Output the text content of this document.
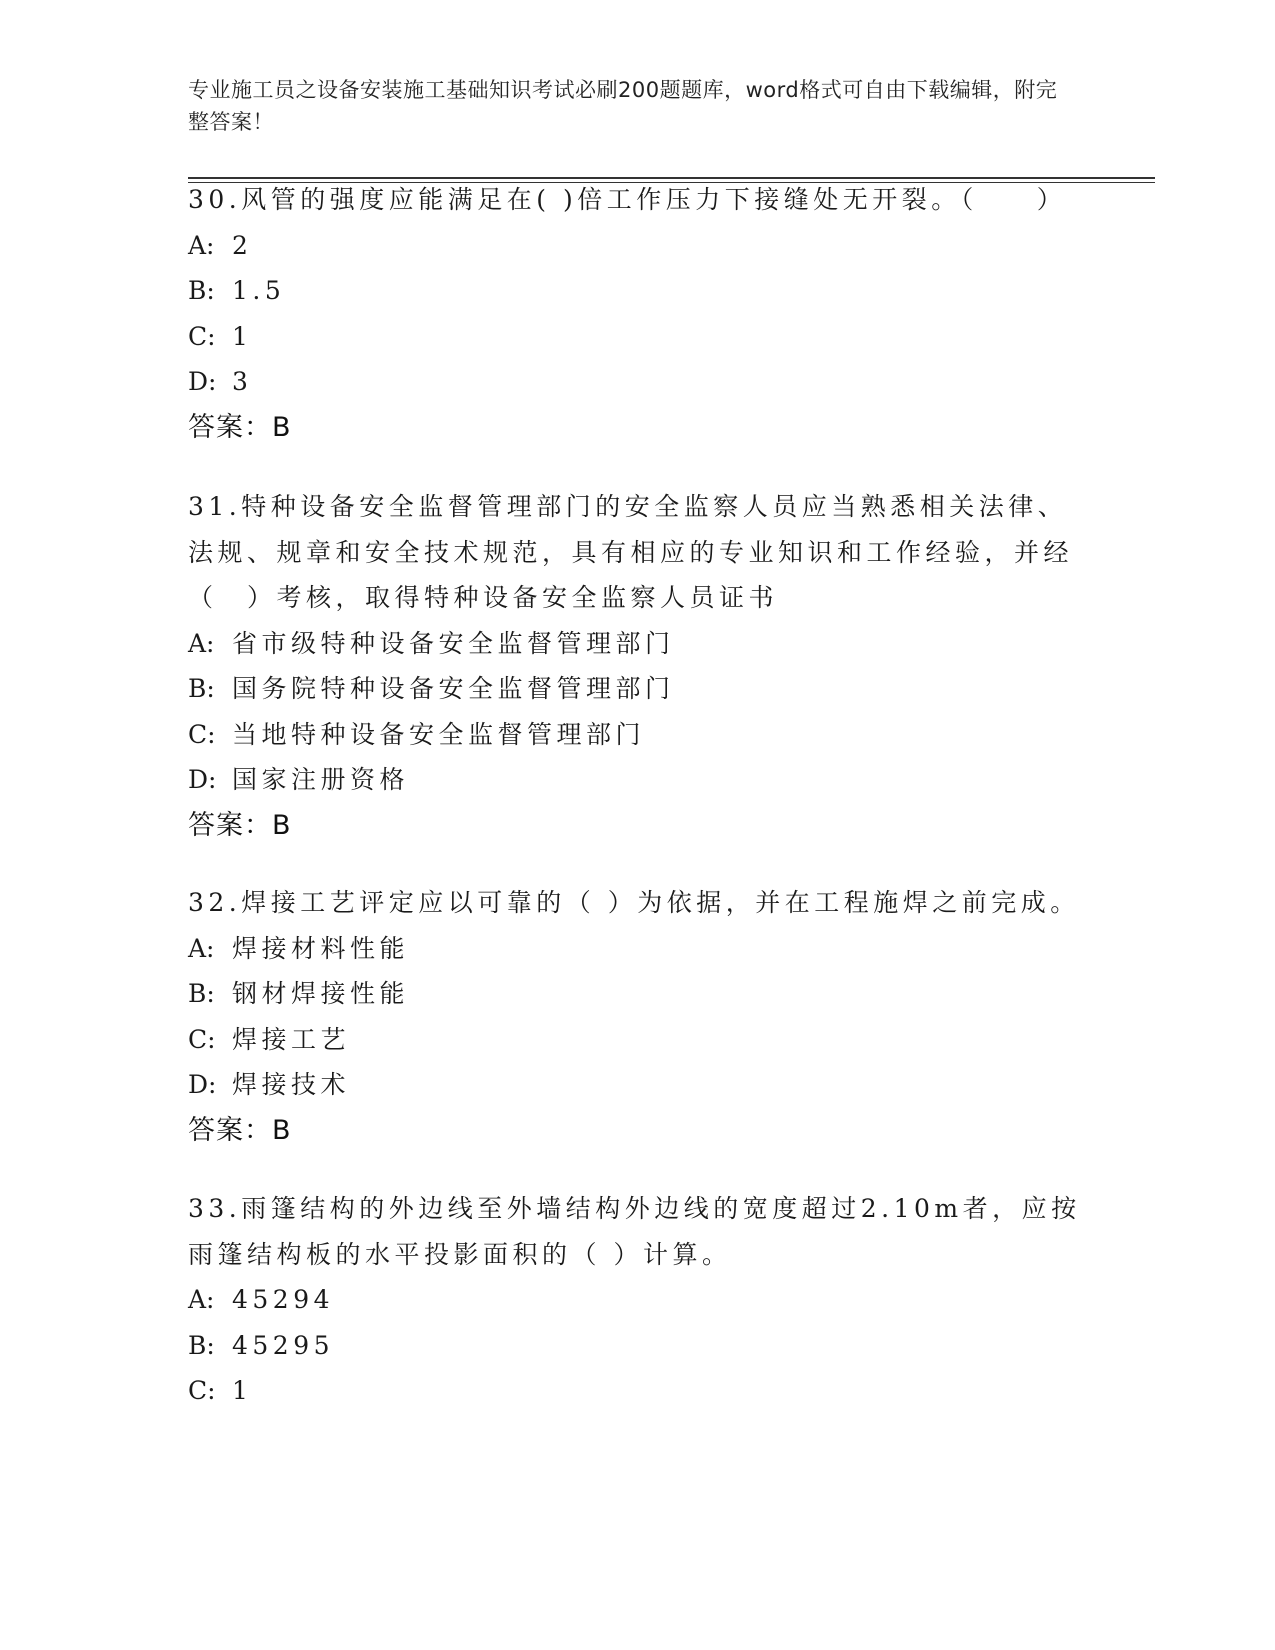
专业施工员之设备安装施工基础知识考试必刷200题题库，word格式可自由下载编辑，附完整答案！

30.风管的强度应能满足在( )倍工作压力下接缝处无开裂。（　　）

A: 2
B: 1.5
C: 1
D: 3
答案：B

31.特种设备安全监督管理部门的安全监察人员应当熟悉相关法律、法规、规章和安全技术规范，具有相应的专业知识和工作经验，并经（　）考核，取得特种设备安全监察人员证书

A: 省市级特种设备安全监督管理部门
B: 国务院特种设备安全监督管理部门
C: 当地特种设备安全监督管理部门
D: 国家注册资格
答案：B

32.焊接工艺评定应以可靠的（ ）为依据，并在工程施焊之前完成。

A: 焊接材料性能
B: 钢材焊接性能
C: 焊接工艺
D: 焊接技术
答案：B

33.雨篷结构的外边线至外墙结构外边线的宽度超过2.10m者，应按雨篷结构板的水平投影面积的（ ）计算。

A: 45294
B: 45295
C: 1
